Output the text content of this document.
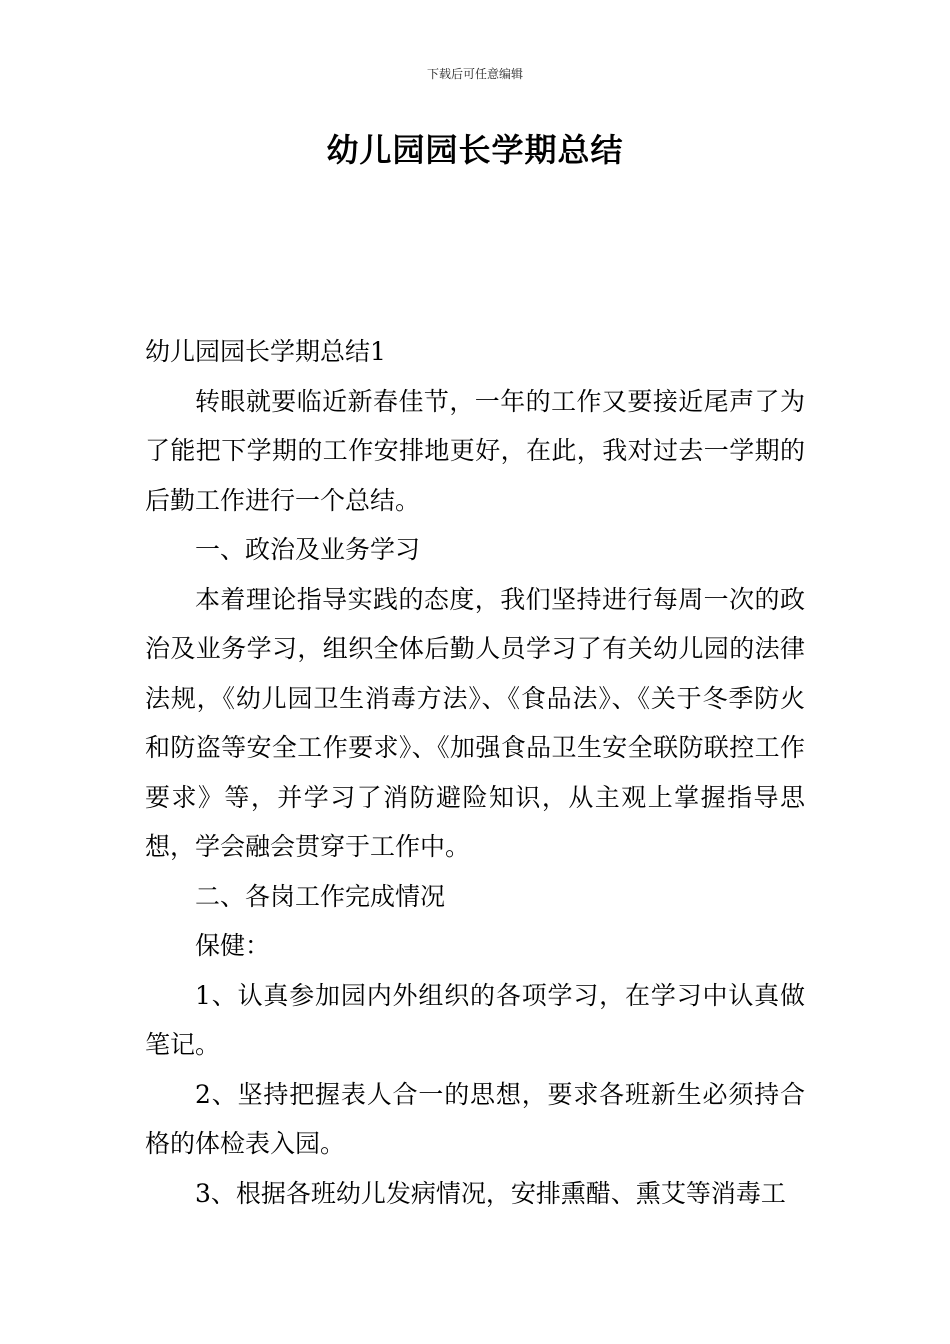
下载后可任意编辑
幼儿园园长学期总结

幼儿园园长学期总结1

转眼就要临近新春佳节，一年的工作又要接近尾声了为了能把下学期的工作安排地更好，在此，我对过去一学期的后勤工作进行一个总结。

一、政治及业务学习

本着理论指导实践的态度，我们坚持进行每周一次的政治及业务学习，组织全体后勤人员学习了有关幼儿园的法律法规，《幼儿园卫生消毒方法》、《食品法》、《关于冬季防火和防盗等安全工作要求》、《加强食品卫生安全联防联控工作要求》等，并学习了消防避险知识，从主观上掌握指导思想，学会融会贯穿于工作中。

二、各岗工作完成情况

保健：

1、认真参加园内外组织的各项学习，在学习中认真做笔记。

2、坚持把握表人合一的思想，要求各班新生必须持合格的体检表入园。

3、根据各班幼儿发病情况，安排熏醋、熏艾等消毒工
